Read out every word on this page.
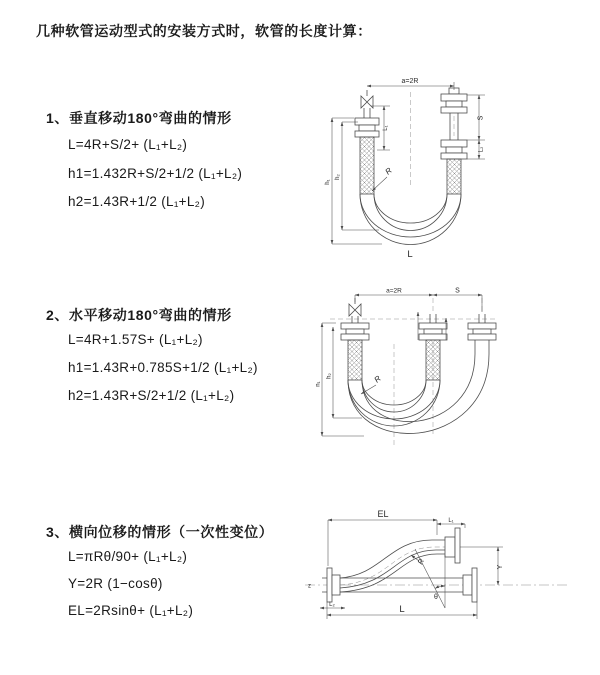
几种软管运动型式的安装方式时，软管的长度计算：
1、垂直移动180°弯曲的情形
L=4R+S/2+ (L₁+L₂)
h1=1.432R+S/2+1/2 (L₁+L₂)
h2=1.43R+1/2 (L₁+L₂)
2、水平移动180°弯曲的情形
L=4R+1.57S+ (L₁+L₂)
h1=1.43R+0.785S+1/2 (L₁+L₂)
h2=1.43R+S/2+1/2 (L₁+L₂)
3、横向位移的情形（一次性变位）
L=πRθ/90+ (L₁+L₂)
Y=2R (1−cosθ)
EL=2Rsinθ+ (L₁+L₂)
a=2R
L₁
S
L₂
h₁
h₂
R
L
a=2R	S
h₁
h₂	R
EL
L₁
Y
L
L₂
R
θ
z
